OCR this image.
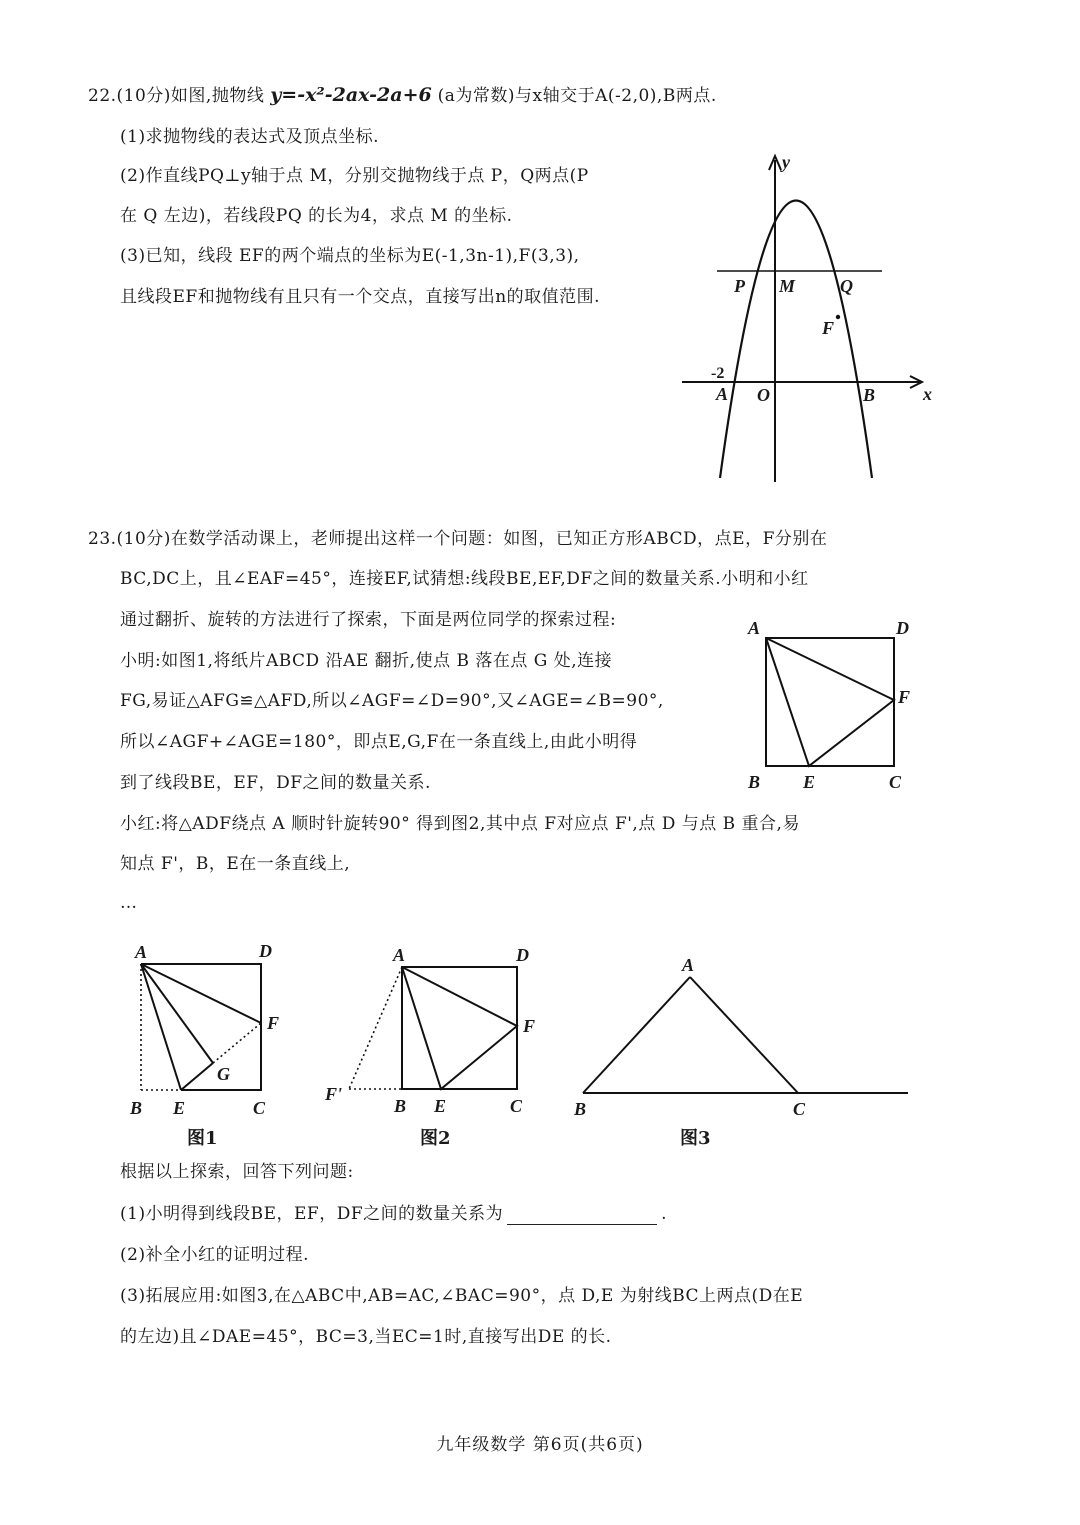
22.(10分)如图,抛物线 y=-x²-2ax-2a+6 (a为常数)与x轴交于A(-2,0),B两点.

(1)求抛物线的表达式及顶点坐标.

(2)作直线PQ⊥y轴于点 M，分别交抛物线于点 P，Q两点(P

在 Q 左边)，若线段PQ 的长为4，求点 M 的坐标.

(3)已知，线段 EF的两个端点的坐标为E(-1,3n-1),F(3,3),

且线段EF和抛物线有且只有一个交点，直接写出n的取值范围.

y
P M Q
F
-2
A O	B	x

23.(10分)在数学活动课上，老师提出这样一个问题：如图，已知正方形ABCD，点E，F分别在

BC,DC上，且∠EAF=45°，连接EF,试猜想:线段BE,EF,DF之间的数量关系.小明和小红

通过翻折、旋转的方法进行了探索，下面是两位同学的探索过程:

小明:如图1,将纸片ABCD 沿AE 翻折,使点 B 落在点 G 处,连接

FG,易证△AFG≌△AFD,所以∠AGF=∠D=90°,又∠AGE=∠B=90°,

所以∠AGF+∠AGE=180°，即点E,G,F在一条直线上,由此小明得

到了线段BE，EF，DF之间的数量关系.

小红:将△ADF绕点 A 顺时针旋转90° 得到图2,其中点 F对应点 F',点 D 与点 B 重合,易

知点 F'，B，E在一条直线上,

…

A	D
F
B E	C
A	D
F
G
B E	C

图1

A	D
F
F'
B E	C

图2

A
B	C

图3

根据以上探索，回答下列问题:

(1)小明得到线段BE，EF，DF之间的数量关系为	.

(2)补全小红的证明过程.

(3)拓展应用:如图3,在△ABC中,AB=AC,∠BAC=90°，点 D,E 为射线BC上两点(D在E

的左边)且∠DAE=45°，BC=3,当EC=1时,直接写出DE 的长.

九年级数学 第6页(共6页)
